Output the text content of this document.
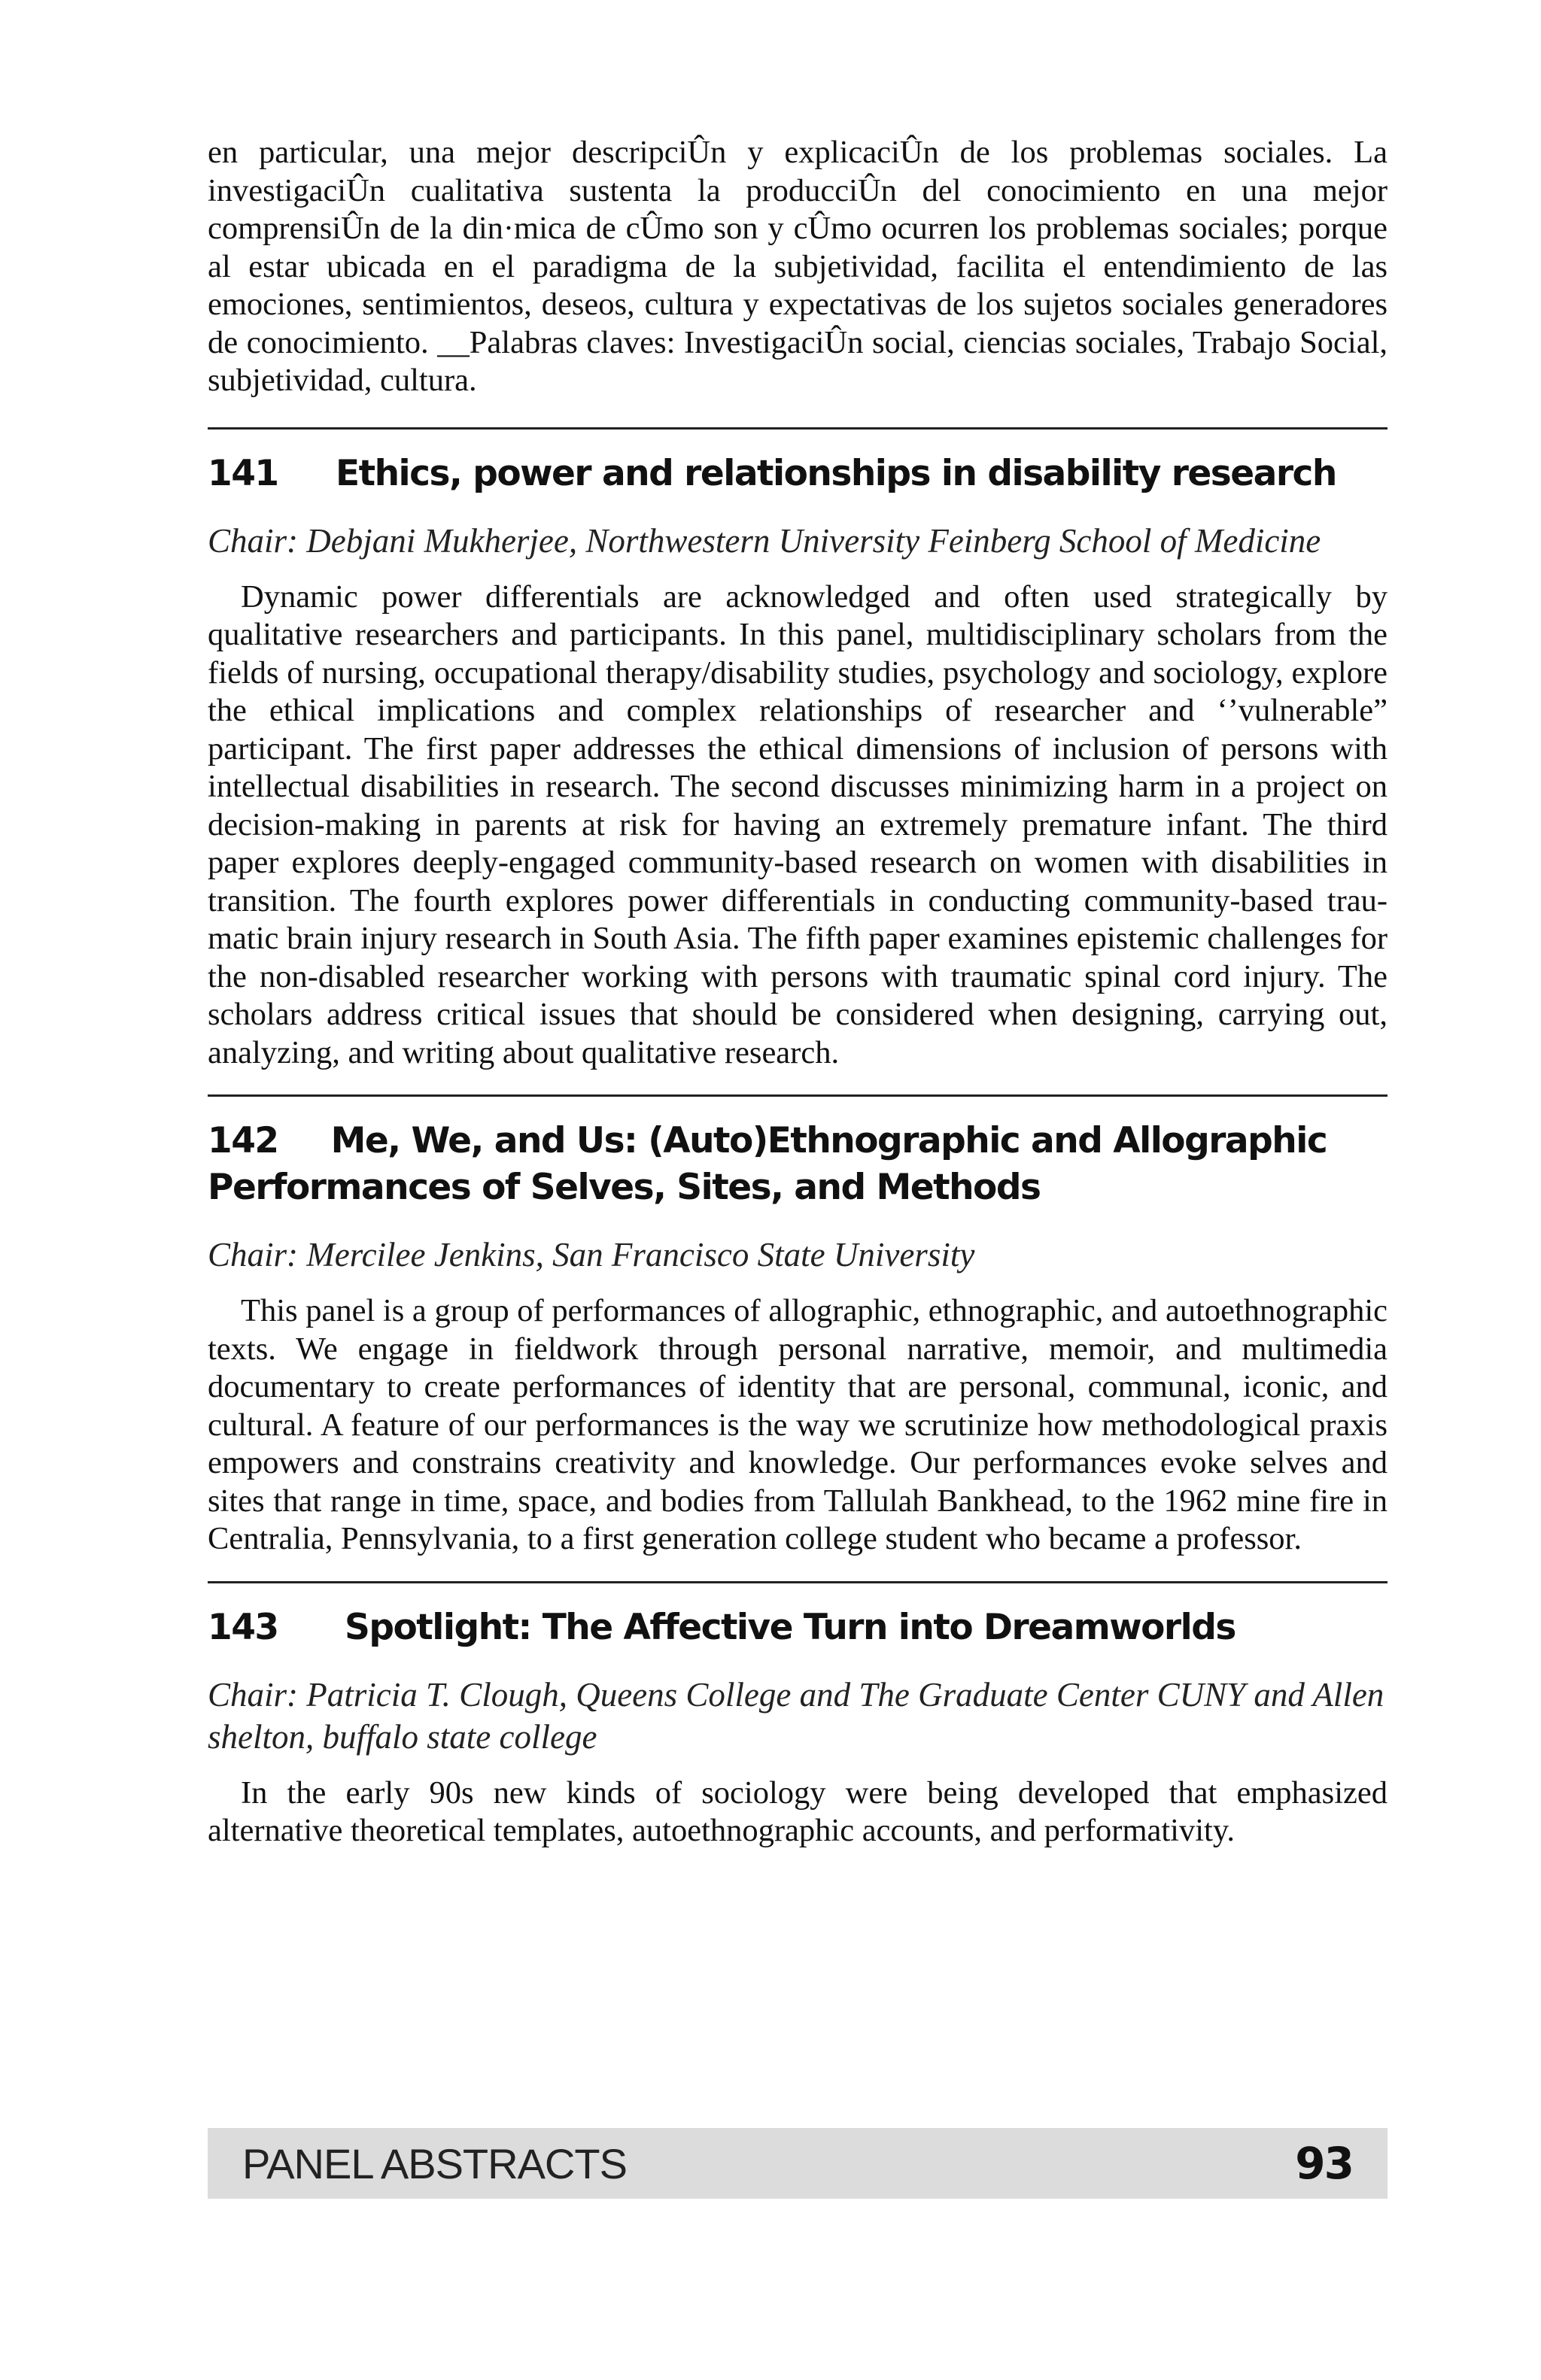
en particular, una mejor descripciÛn y explicaciÛn de los problemas sociales. La investigaciÛn cualitativa sustenta la producciÛn del conocimiento en una mejor comprensiÛn de la din·mica de cÛmo son y cÛmo ocurren los problemas sociales; porque al estar ubicada en el paradigma de la subjetividad, facilita el entendimiento de las emociones, sentimientos, deseos, cultura y expectativas de los sujetos sociales generadores de conocimiento. __Palabras claves: InvestigaciÛn social, ciencias sociales, Trabajo Social, subjetividad, cultura.

141	Ethics, power and relationships in disability research

Chair: Debjani Mukherjee, Northwestern University Feinberg School of Medicine

Dynamic power differentials are acknowledged and often used strategically by qualitative researchers and participants. In this panel, multidisciplinary scholars from the fields of nursing, occupational therapy/disability studies, psychology and sociology, explore the ethical implications and complex relationships of researcher and ‘’vulnerable” participant. The first paper addresses the ethical dimensions of inclusion of persons with intellectual disabilities in research. The second discusses minimizing harm in a project on decision-making in parents at risk for having an extremely premature infant. The third paper explores deeply-engaged community-based research on women with disabilities in transition. The fourth explores power differentials in conducting community-based traumatic brain injury research in South Asia. The fifth paper examines epistemic challenges for the non-disabled researcher working with persons with traumatic spinal cord injury. The scholars address critical issues that should be considered when designing, carrying out, analyzing, and writing about qualitative research.

142 Me, We, and Us: (Auto)Ethnographic and Allographic Performances of Selves, Sites, and Methods

Chair: Mercilee Jenkins, San Francisco State University

This panel is a group of performances of allographic, ethnographic, and autoethnographic texts. We engage in fieldwork through personal narrative, memoir, and multimedia documentary to create performances of identity that are personal, communal, iconic, and cultural. A feature of our performances is the way we scrutinize how methodological praxis empowers and constrains creativity and knowledge. Our performances evoke selves and sites that range in time, space, and bodies from Tallulah Bankhead, to the 1962 mine fire in Centralia, Pennsylvania, to a first generation college student who became a professor.

143	Spotlight: The Affective Turn into Dreamworlds

Chair: Patricia T. Clough, Queens College and The Graduate Center CUNY and Allen shelton, buffalo state college

In the early 90s new kinds of sociology were being developed that emphasized alternative theoretical templates, autoethnographic accounts, and performativity.

PANEL ABSTRACTS	93
